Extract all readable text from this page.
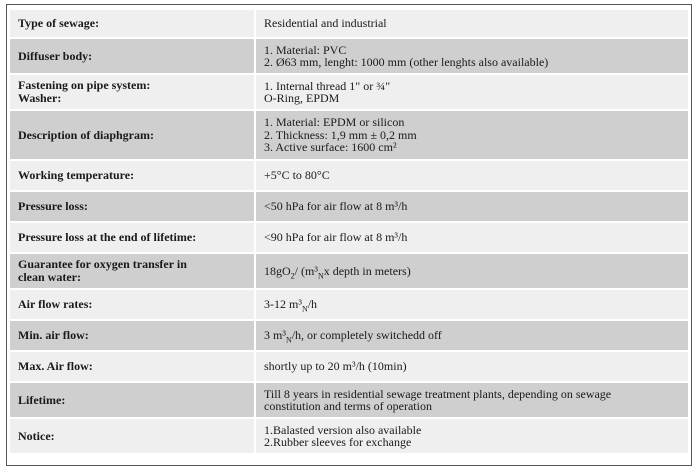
Type of sewage:	Residential and industrial

Diffuser body:	1. Material: PVC
2. Ø63 mm, lenght: 1000 mm (other lenghts also available)

Fastening on pipe system:
Washer:	1. Internal thread 1" or ¾"
O-Ring, EPDM

Description of diaphgram:	1. Material: EPDM or silicon
2. Thickness: 1,9 mm ± 0,2 mm
3. Active surface: 1600 cm²

Working temperature:	+5°C to 80°C

Pressure loss:	<50 hPa for air flow at 8 m³/h

Pressure loss at the end of lifetime:	<90 hPa for air flow at 8 m³/h

Guarantee for oxygen transfer in
clean water:	$18gO_2/$ ($m^3_Nx$ depth in meters)

Air flow rates:	3-12 $m^3_N/h$

Min. air flow:	3 $m^3_N/h$, or completely switchedd off

Max. Air flow:	shortly up to 20 m³/h (10min)

Lifetime:	Till 8 years in residential sewage treatment plants, depending on sewage
constitution and terms of operation

Notice:	1.Balasted version also available
2.Rubber sleeves for exchange
